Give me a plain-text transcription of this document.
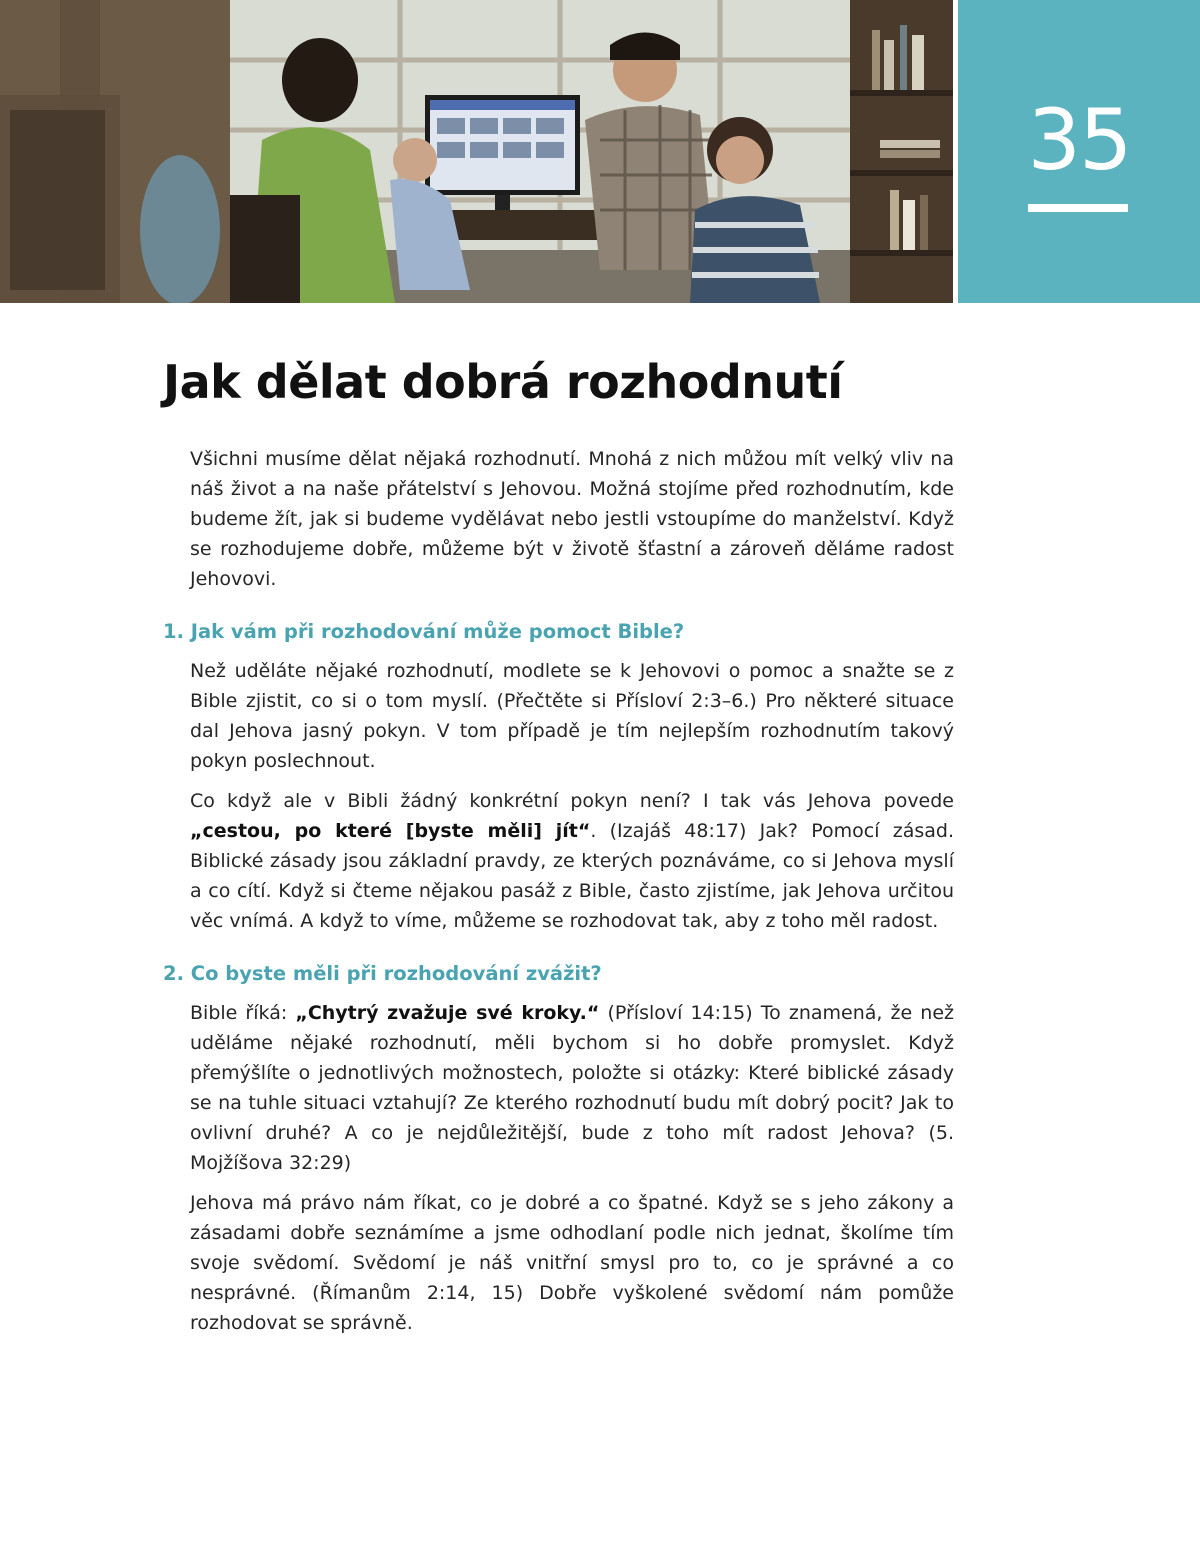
35
Jak dělat dobrá rozhodnutí

Všichni musíme dělat nějaká rozhodnutí. Mnohá z nich můžou mít velký vliv na náš život a na naše přátelství s Jehovou. Možná stojíme před rozhodnutím, kde budeme žít, jak si budeme vydělávat nebo jestli vstoupíme do manželství. Když se rozhodujeme dobře, můžeme být v životě šťastní a zároveň děláme radost Jehovovi.

1. Jak vám při rozhodování může pomoct Bible?

Než uděláte nějaké rozhodnutí, modlete se k Jehovovi o pomoc a snažte se z Bible zjistit, co si o tom myslí. (Přečtěte si Přísloví 2:3–6.) Pro některé situace dal Jehova jasný pokyn. V tom případě je tím nejlepším rozhodnutím takový pokyn poslechnout.

Co když ale v Bibli žádný konkrétní pokyn není? I tak vás Jehova povede „cestou, po které [byste měli] jít“. (Izajáš 48:17) Jak? Pomocí zásad. Biblické zásady jsou základní pravdy, ze kterých poznáváme, co si Jehova myslí a co cítí. Když si čteme nějakou pasáž z Bible, často zjistíme, jak Jehova určitou věc vnímá. A když to víme, můžeme se rozhodovat tak, aby z toho měl radost.

2. Co byste měli při rozhodování zvážit?

Bible říká: „Chytrý zvažuje své kroky.“ (Přísloví 14:15) To znamená, že než uděláme nějaké rozhodnutí, měli bychom si ho dobře promyslet. Když přemýšlíte o jednotlivých možnostech, položte si otázky: Které biblické zásady se na tuhle situaci vztahují? Ze kterého rozhodnutí budu mít dobrý pocit? Jak to ovlivní druhé? A co je nejdůležitější, bude z toho mít radost Jehova? (5. Mojžíšova 32:29)

Jehova má právo nám říkat, co je dobré a co špatné. Když se s jeho zákony a zásadami dobře seznámíme a jsme odhodlaní podle nich jednat, školíme tím svoje svědomí. Svědomí je náš vnitřní smysl pro to, co je správné a co nesprávné. (Římanům 2:14, 15) Dobře vyškolené svědomí nám pomůže rozhodovat se správně.
